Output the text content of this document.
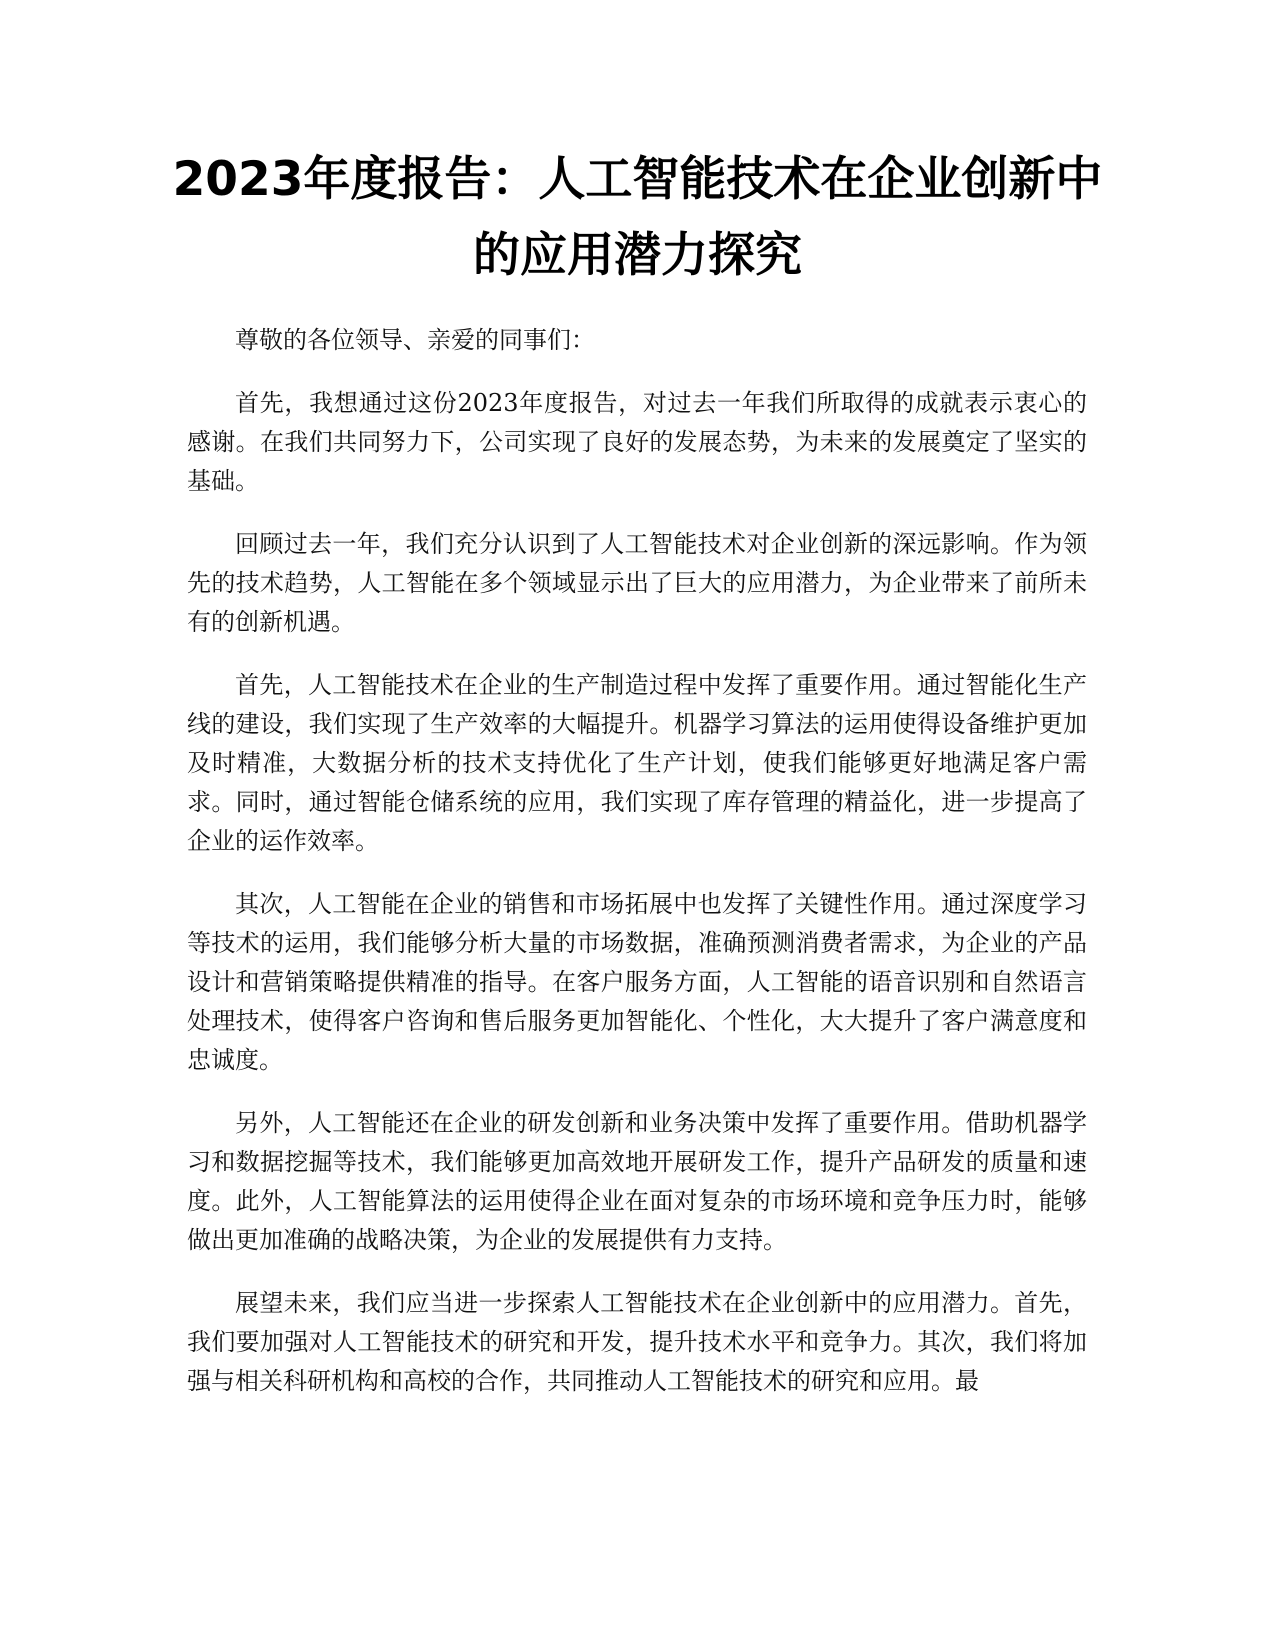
2023年度报告：人工智能技术在企业创新中的应用潜力探究

尊敬的各位领导、亲爱的同事们：

首先，我想通过这份2023年度报告，对过去一年我们所取得的成就表示衷心的感谢。在我们共同努力下，公司实现了良好的发展态势，为未来的发展奠定了坚实的基础。

回顾过去一年，我们充分认识到了人工智能技术对企业创新的深远影响。作为领先的技术趋势，人工智能在多个领域显示出了巨大的应用潜力，为企业带来了前所未有的创新机遇。

首先，人工智能技术在企业的生产制造过程中发挥了重要作用。通过智能化生产线的建设，我们实现了生产效率的大幅提升。机器学习算法的运用使得设备维护更加及时精准，大数据分析的技术支持优化了生产计划，使我们能够更好地满足客户需求。同时，通过智能仓储系统的应用，我们实现了库存管理的精益化，进一步提高了企业的运作效率。

其次，人工智能在企业的销售和市场拓展中也发挥了关键性作用。通过深度学习等技术的运用，我们能够分析大量的市场数据，准确预测消费者需求，为企业的产品设计和营销策略提供精准的指导。在客户服务方面，人工智能的语音识别和自然语言处理技术，使得客户咨询和售后服务更加智能化、个性化，大大提升了客户满意度和忠诚度。

另外，人工智能还在企业的研发创新和业务决策中发挥了重要作用。借助机器学习和数据挖掘等技术，我们能够更加高效地开展研发工作，提升产品研发的质量和速度。此外，人工智能算法的运用使得企业在面对复杂的市场环境和竞争压力时，能够做出更加准确的战略决策，为企业的发展提供有力支持。

展望未来，我们应当进一步探索人工智能技术在企业创新中的应用潜力。首先，我们要加强对人工智能技术的研究和开发，提升技术水平和竞争力。其次，我们将加强与相关科研机构和高校的合作，共同推动人工智能技术的研究和应用。最
